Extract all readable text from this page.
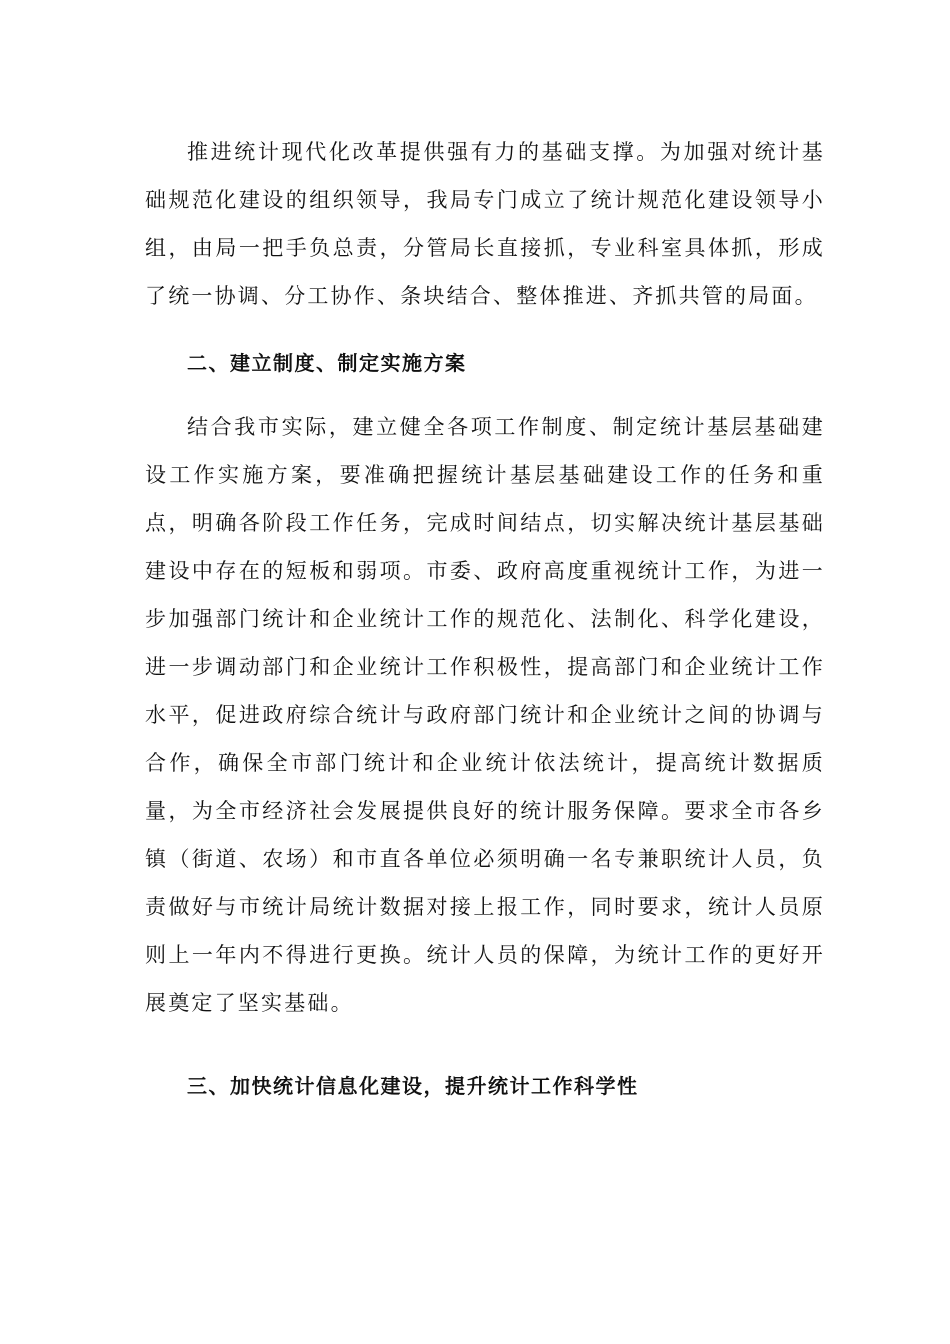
推进统计现代化改革提供强有力的基础支撑。为加强对统计基础规范化建设的组织领导，我局专门成立了统计规范化建设领导小组，由局一把手负总责，分管局长直接抓，专业科室具体抓，形成了统一协调、分工协作、条块结合、整体推进、齐抓共管的局面。

二、建立制度、制定实施方案

结合我市实际，建立健全各项工作制度、制定统计基层基础建设工作实施方案，要准确把握统计基层基础建设工作的任务和重点，明确各阶段工作任务，完成时间结点，切实解决统计基层基础建设中存在的短板和弱项。市委、政府高度重视统计工作，为进一步加强部门统计和企业统计工作的规范化、法制化、科学化建设，进一步调动部门和企业统计工作积极性，提高部门和企业统计工作水平，促进政府综合统计与政府部门统计和企业统计之间的协调与合作，确保全市部门统计和企业统计依法统计，提高统计数据质量，为全市经济社会发展提供良好的统计服务保障。要求全市各乡镇（街道、农场）和市直各单位必须明确一名专兼职统计人员，负责做好与市统计局统计数据对接上报工作，同时要求，统计人员原则上一年内不得进行更换。统计人员的保障，为统计工作的更好开展奠定了坚实基础。

三、加快统计信息化建设，提升统计工作科学性
